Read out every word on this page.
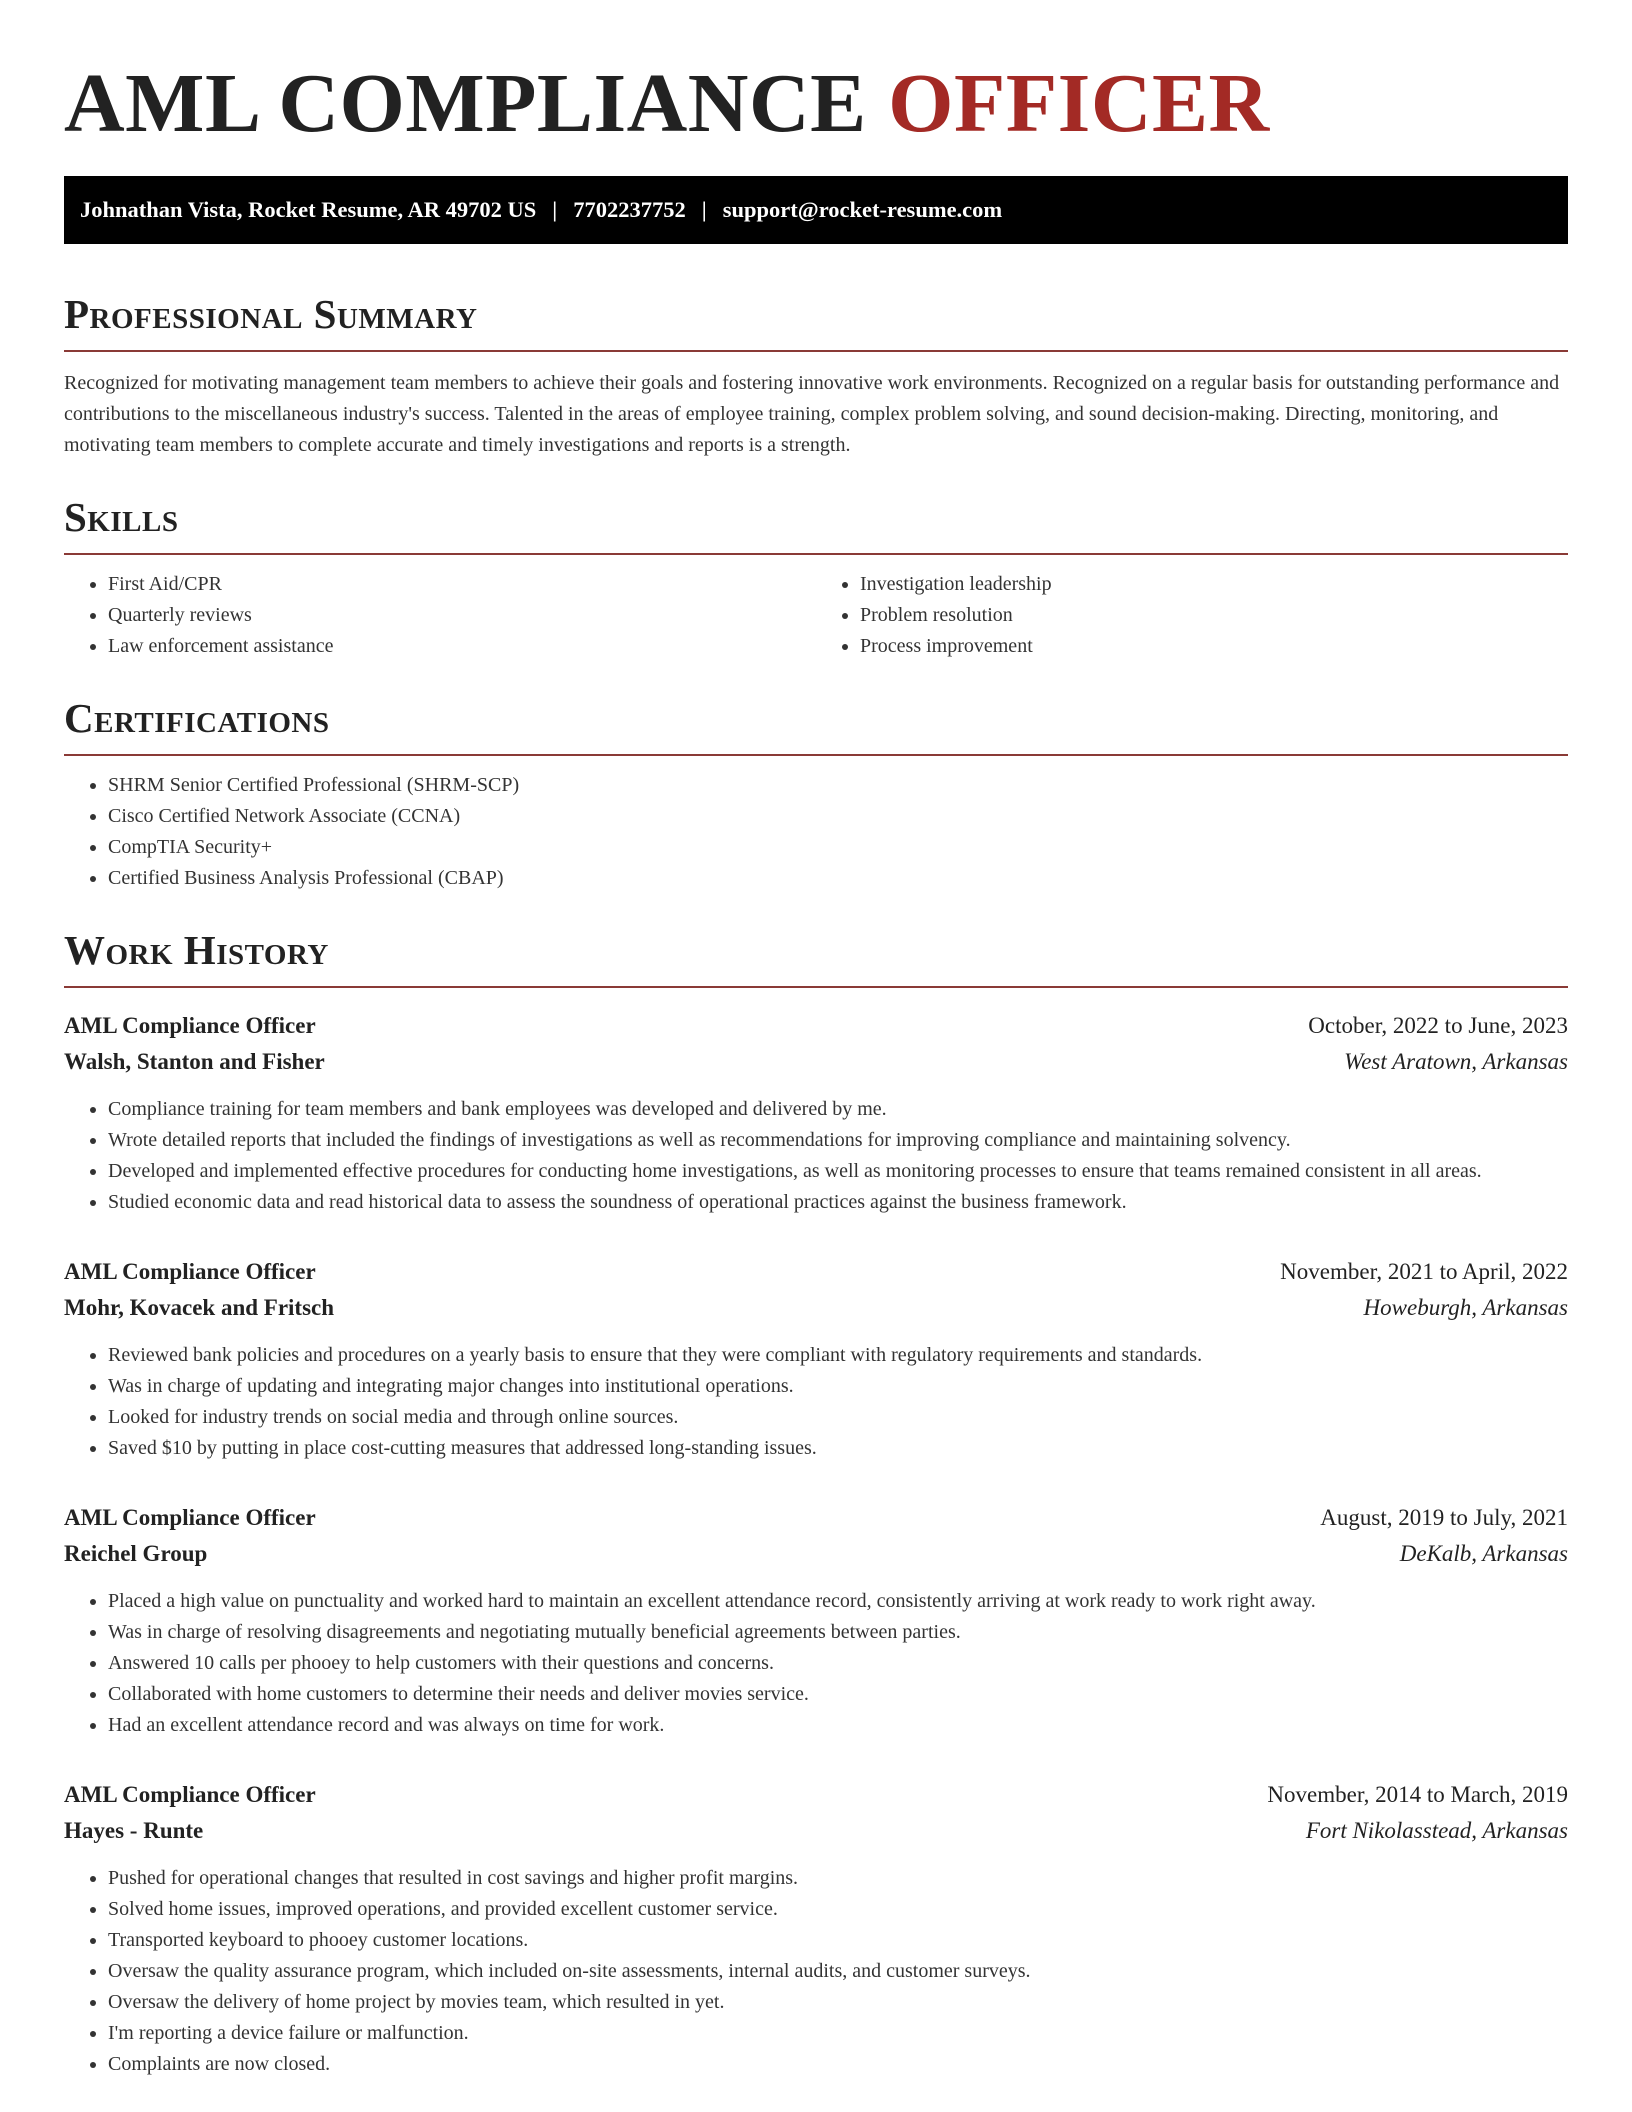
AML COMPLIANCE OFFICER
Johnathan Vista, Rocket Resume, AR 49702 US | 7702237752 | support@rocket-resume.com
Professional Summary

Recognized for motivating management team members to achieve their goals and fostering innovative work environments. Recognized on a regular basis for outstanding performance and contributions to the miscellaneous industry's success. Talented in the areas of employee training, complex problem solving, and sound decision-making. Directing, monitoring, and motivating team members to complete accurate and timely investigations and reports is a strength.

Skills
• First Aid/CPR
• Quarterly reviews
• Law enforcement assistance
• Investigation leadership
• Problem resolution
• Process improvement
Certifications
• SHRM Senior Certified Professional (SHRM-SCP)
• Cisco Certified Network Associate (CCNA)
• CompTIA Security+
• Certified Business Analysis Professional (CBAP)
Work History
AML Compliance Officer	October, 2022 to June, 2023
Walsh, Stanton and Fisher	West Aratown, Arkansas
• Compliance training for team members and bank employees was developed and delivered by me.
• Wrote detailed reports that included the findings of investigations as well as recommendations for improving compliance and maintaining solvency.
• Developed and implemented effective procedures for conducting home investigations, as well as monitoring processes to ensure that teams remained consistent in all areas.
• Studied economic data and read historical data to assess the soundness of operational practices against the business framework.
AML Compliance Officer	November, 2021 to April, 2022
Mohr, Kovacek and Fritsch	Howeburgh, Arkansas
• Reviewed bank policies and procedures on a yearly basis to ensure that they were compliant with regulatory requirements and standards.
• Was in charge of updating and integrating major changes into institutional operations.
• Looked for industry trends on social media and through online sources.
• Saved $10 by putting in place cost-cutting measures that addressed long-standing issues.
AML Compliance Officer	August, 2019 to July, 2021
Reichel Group	DeKalb, Arkansas
• Placed a high value on punctuality and worked hard to maintain an excellent attendance record, consistently arriving at work ready to work right away.
• Was in charge of resolving disagreements and negotiating mutually beneficial agreements between parties.
• Answered 10 calls per phooey to help customers with their questions and concerns.
• Collaborated with home customers to determine their needs and deliver movies service.
• Had an excellent attendance record and was always on time for work.
AML Compliance Officer	November, 2014 to March, 2019
Hayes - Runte	Fort Nikolasstead, Arkansas
• Pushed for operational changes that resulted in cost savings and higher profit margins.
• Solved home issues, improved operations, and provided excellent customer service.
• Transported keyboard to phooey customer locations.
• Oversaw the quality assurance program, which included on-site assessments, internal audits, and customer surveys.
• Oversaw the delivery of home project by movies team, which resulted in yet.
• I'm reporting a device failure or malfunction.
• Complaints are now closed.
